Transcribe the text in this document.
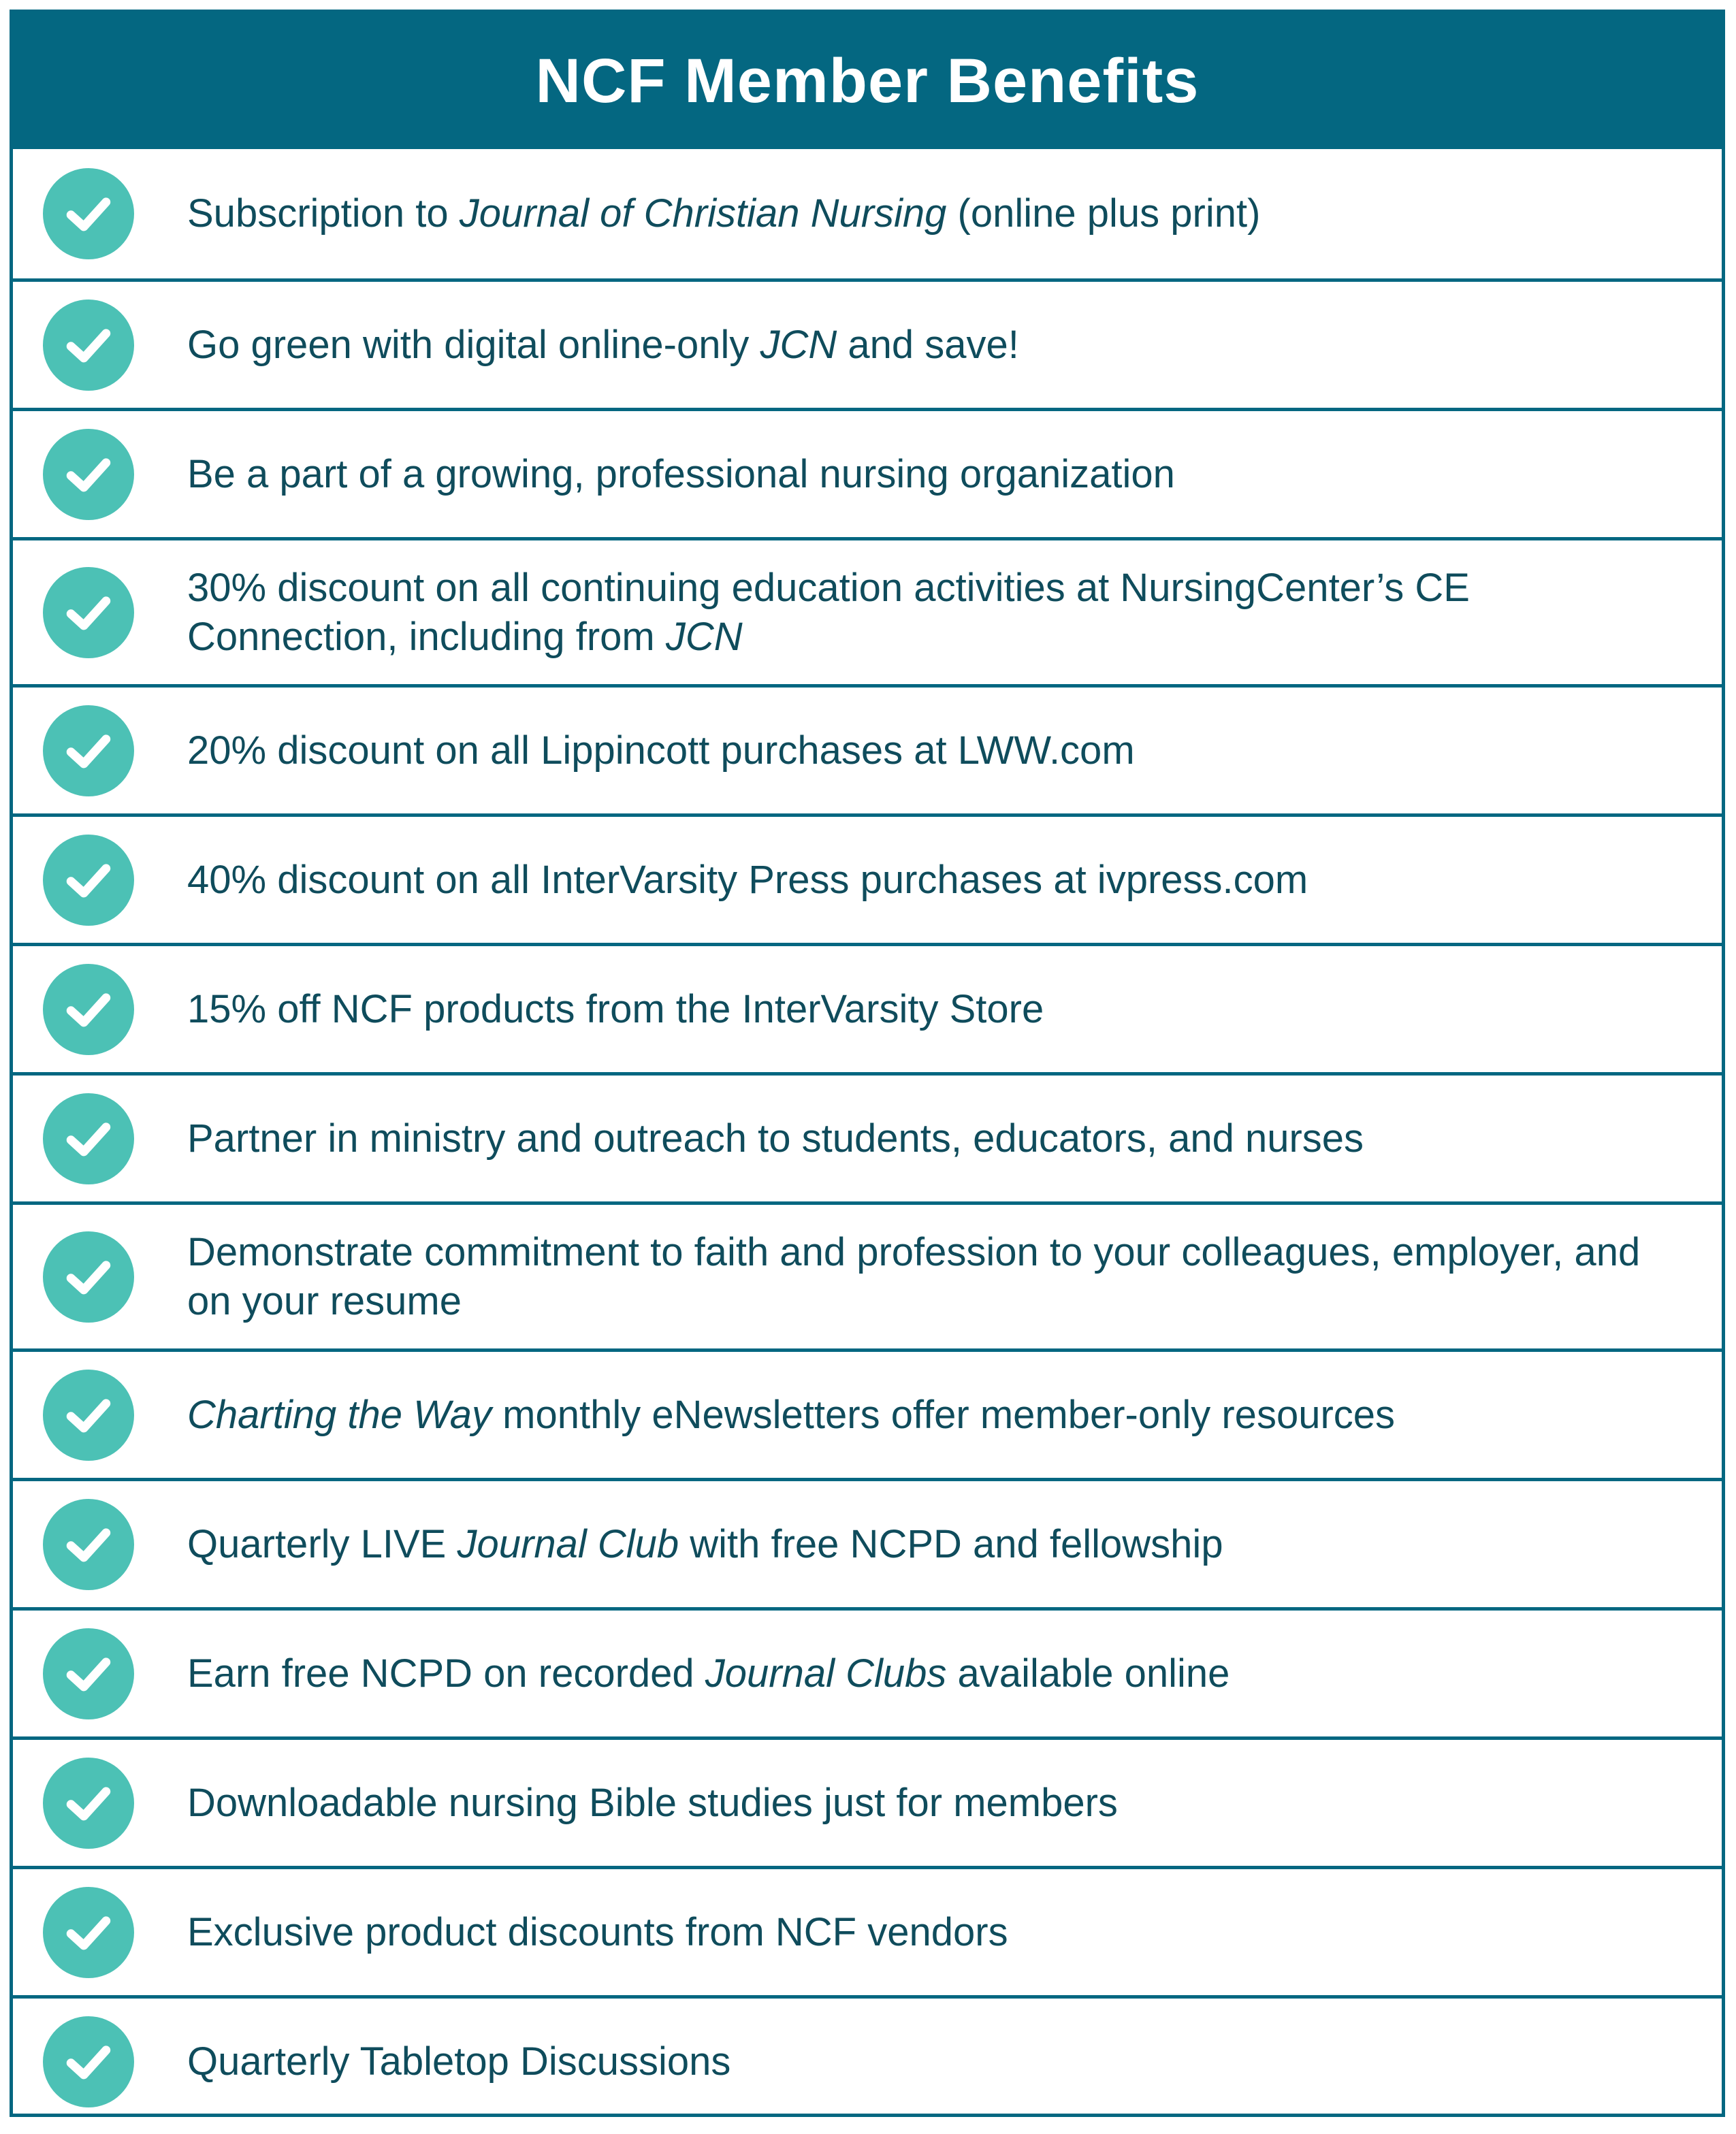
NCF Member Benefits
Subscription to Journal of Christian Nursing (online plus print)
Go green with digital online-only JCN and save!
Be a part of a growing, professional nursing organization
30% discount on all continuing education activities at NursingCenter’s CE Connection, including from JCN
20% discount on all Lippincott purchases at LWW.com
40% discount on all InterVarsity Press purchases at ivpress.com
15% off NCF products from the InterVarsity Store
Partner in ministry and outreach to students, educators, and nurses
Demonstrate commitment to faith and profession to your colleagues, employer, and on your resume
Charting the Way monthly eNewsletters offer member-only resources
Quarterly LIVE Journal Club with free NCPD and fellowship
Earn free NCPD on recorded Journal Clubs available online
Downloadable nursing Bible studies just for members
Exclusive product discounts from NCF vendors
Quarterly Tabletop Discussions
